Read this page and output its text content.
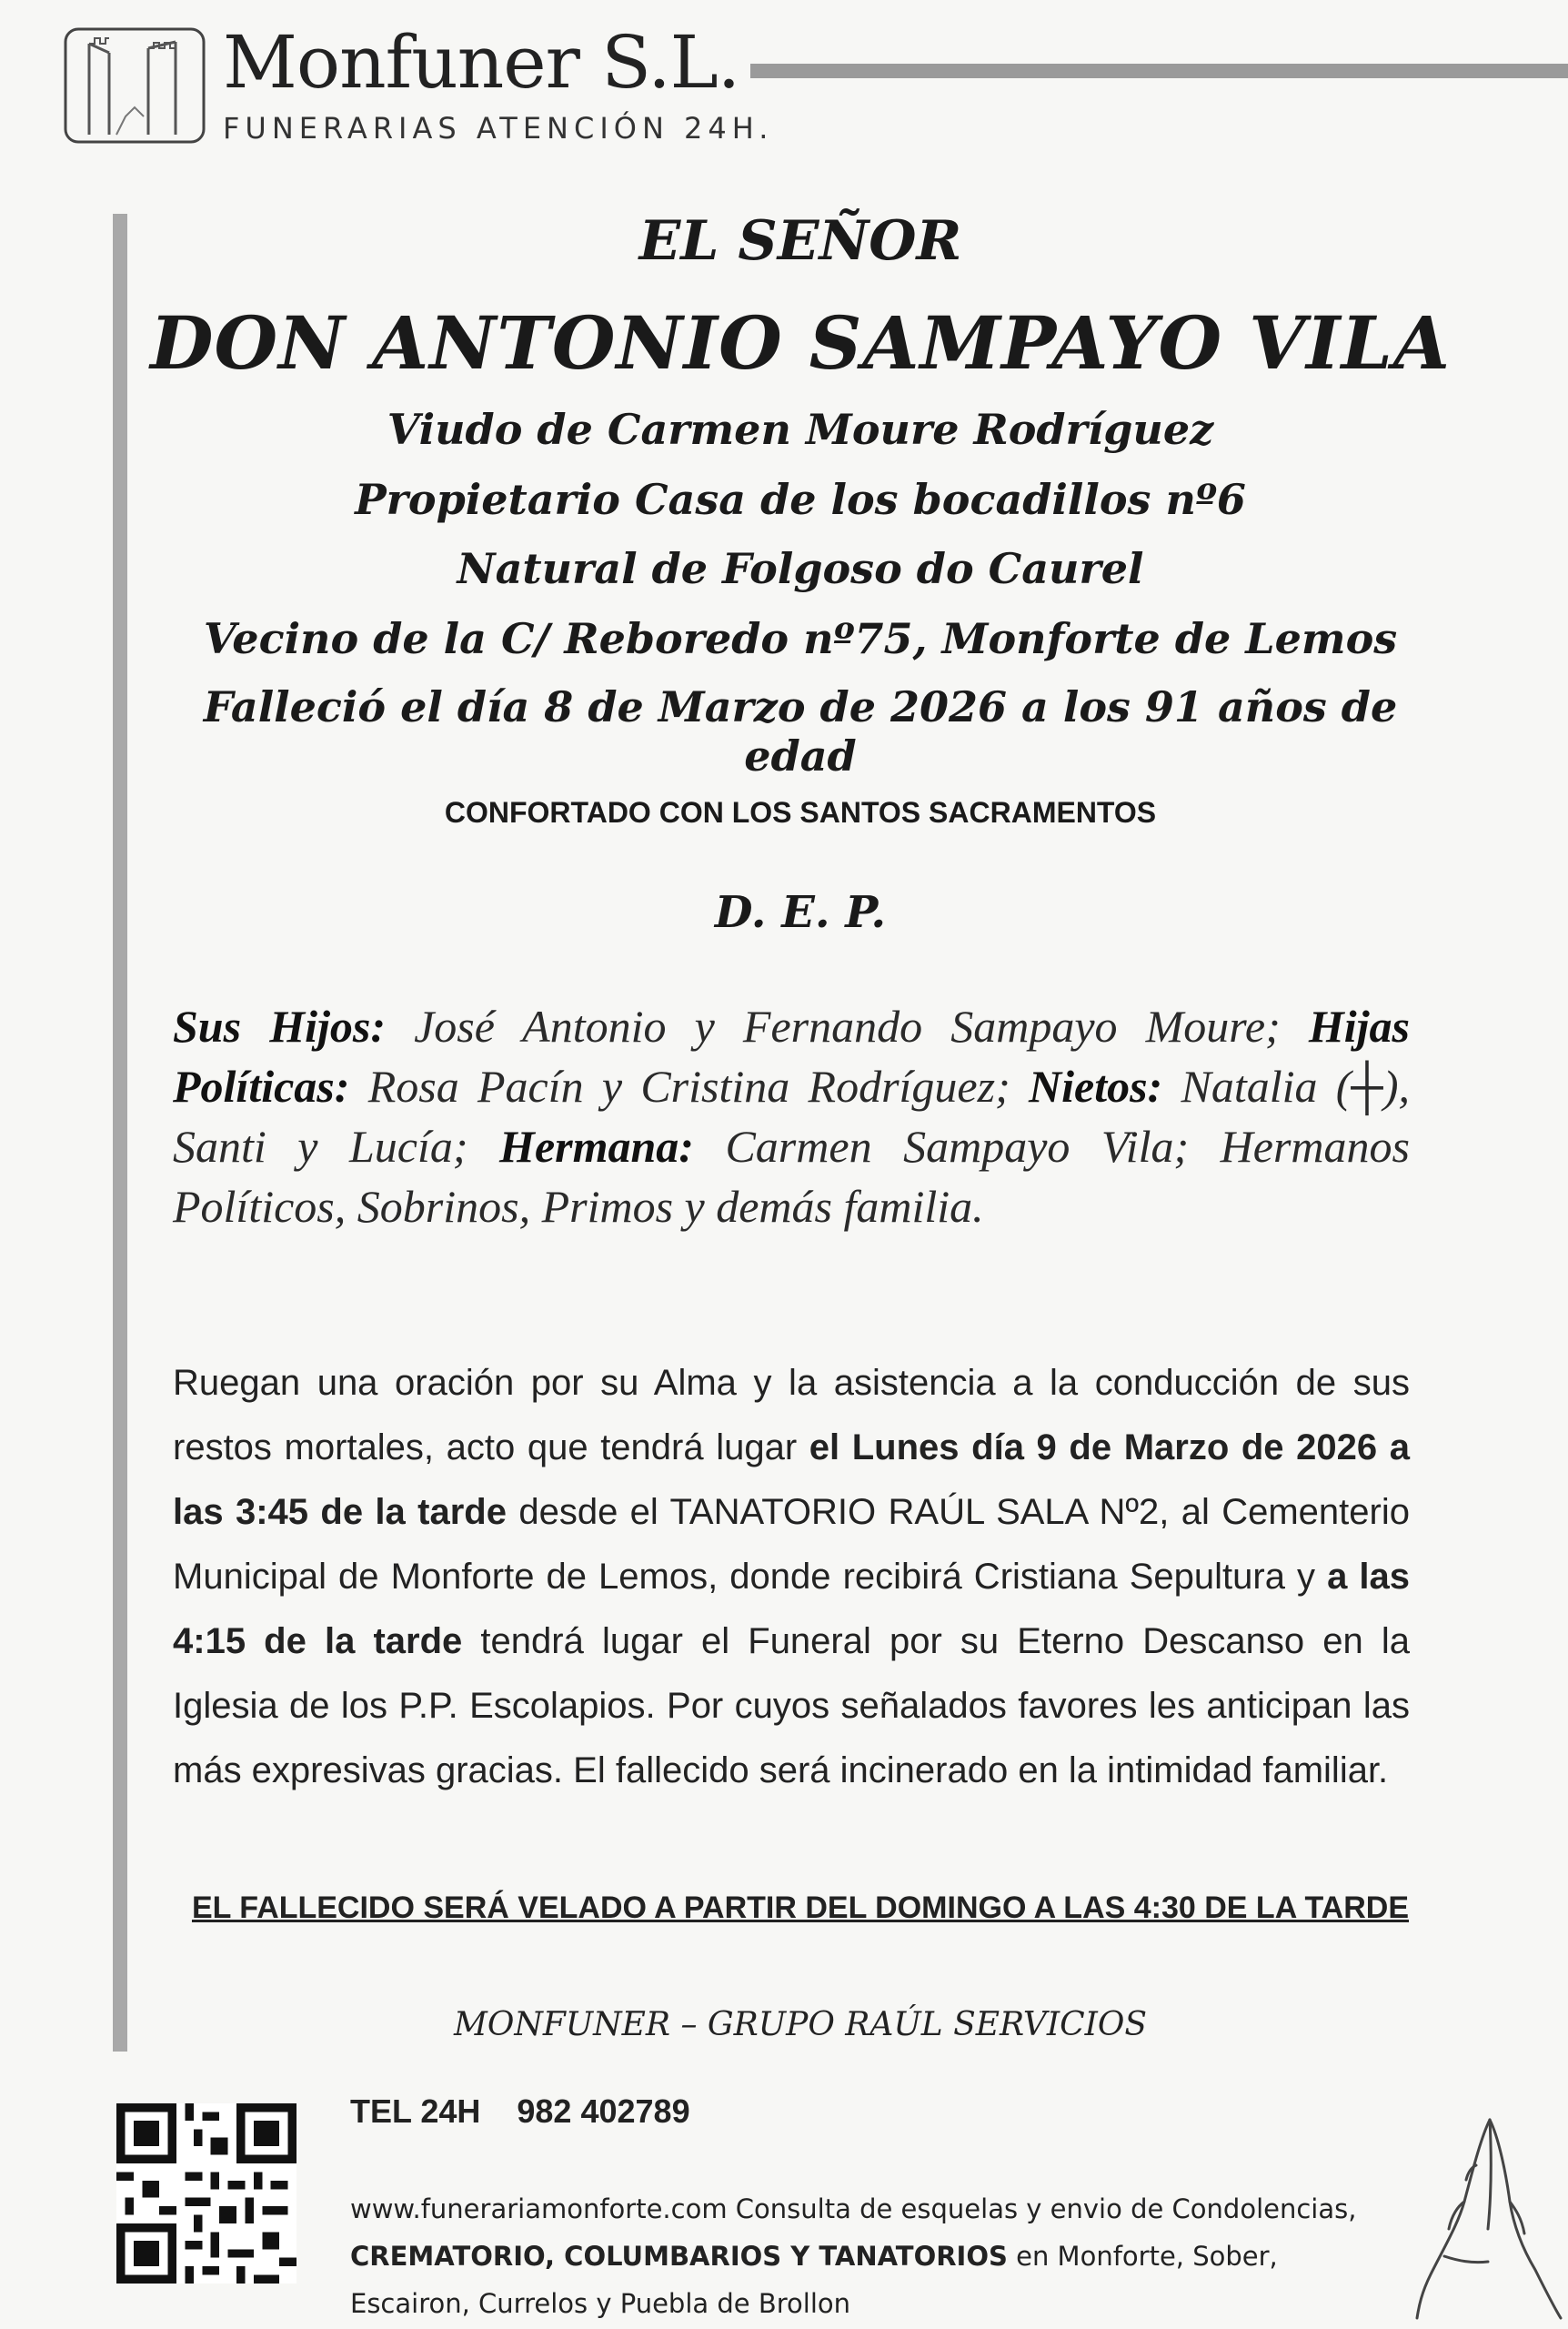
Monfuner S.L.
FUNERARIAS ATENCIÓN 24H.
EL SEÑOR
DON ANTONIO SAMPAYO VILA
Viudo de Carmen Moure Rodríguez
Propietario Casa de los bocadillos nº6
Natural de Folgoso do Caurel
Vecino de la C/ Reboredo nº75, Monforte de Lemos
Falleció el día 8 de Marzo de 2026 a los 91 años de edad
CONFORTADO CON LOS SANTOS SACRAMENTOS
D. E. P.
Sus Hijos: José Antonio y Fernando Sampayo Moure; Hijas Políticas: Rosa Pacín y Cristina Rodríguez; Nietos: Natalia (┼), Santi y Lucía; Hermana: Carmen Sampayo Vila; Hermanos Políticos, Sobrinos, Primos y demás familia.
Ruegan una oración por su Alma y la asistencia a la conducción de sus restos mortales, acto que tendrá lugar el Lunes día 9 de Marzo de 2026 a las 3:45 de la tarde desde el TANATORIO RAÚL SALA Nº2, al Cementerio Municipal de Monforte de Lemos, donde recibirá Cristiana Sepultura y a las 4:15 de la tarde tendrá lugar el Funeral por su Eterno Descanso en la Iglesia de los P.P. Escolapios. Por cuyos señalados favores les anticipan las más expresivas gracias. El fallecido será incinerado en la intimidad familiar.
EL FALLECIDO SERÁ VELADO A PARTIR DEL DOMINGO A LAS 4:30 DE LA TARDE
MONFUNER – GRUPO RAÚL SERVICIOS
TEL 24H 982 402789
www.funerariamonforte.com Consulta de esquelas y envio de Condolencias, CREMATORIO, COLUMBARIOS Y TANATORIOS en Monforte, Sober, Escairon, Currelos y Puebla de Brollon
